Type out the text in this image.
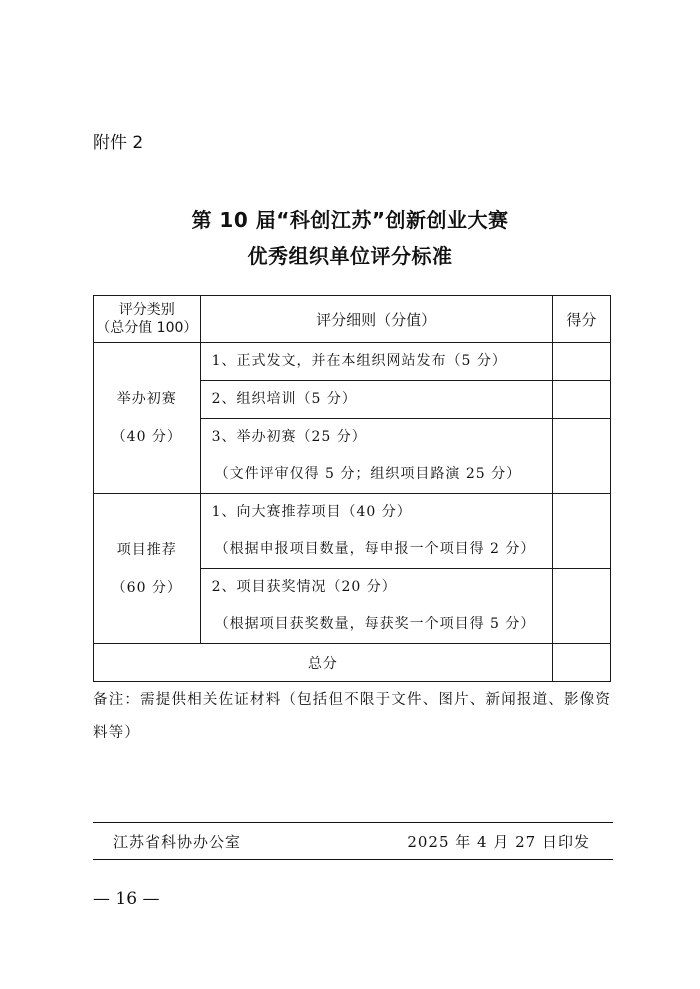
附件 2
第 10 届“科创江苏”创新创业大赛
优秀组织单位评分标准
评分类别
（总分值 100）	评分细则（分值）	得分
举办初赛
（40 分）	1、正式发文，并在本组织网站发布（5 分）	

	2、组织培训（5 分）	

	3、举办初赛（25 分）
（文件评审仅得 5 分；组织项目路演 25 分）	

项目推荐
（60 分）	1、向大赛推荐项目（40 分）
（根据申报项目数量，每申报一个项目得 2 分）	

	2、项目获奖情况（20 分）
（根据项目获奖数量，每获奖一个项目得 5 分）	

总分		
备注：需提供相关佐证材料（包括但不限于文件、图片、新闻报道、影像资料等）
江苏省科协办公室	2025 年 4 月 27 日印发
— 16 —
